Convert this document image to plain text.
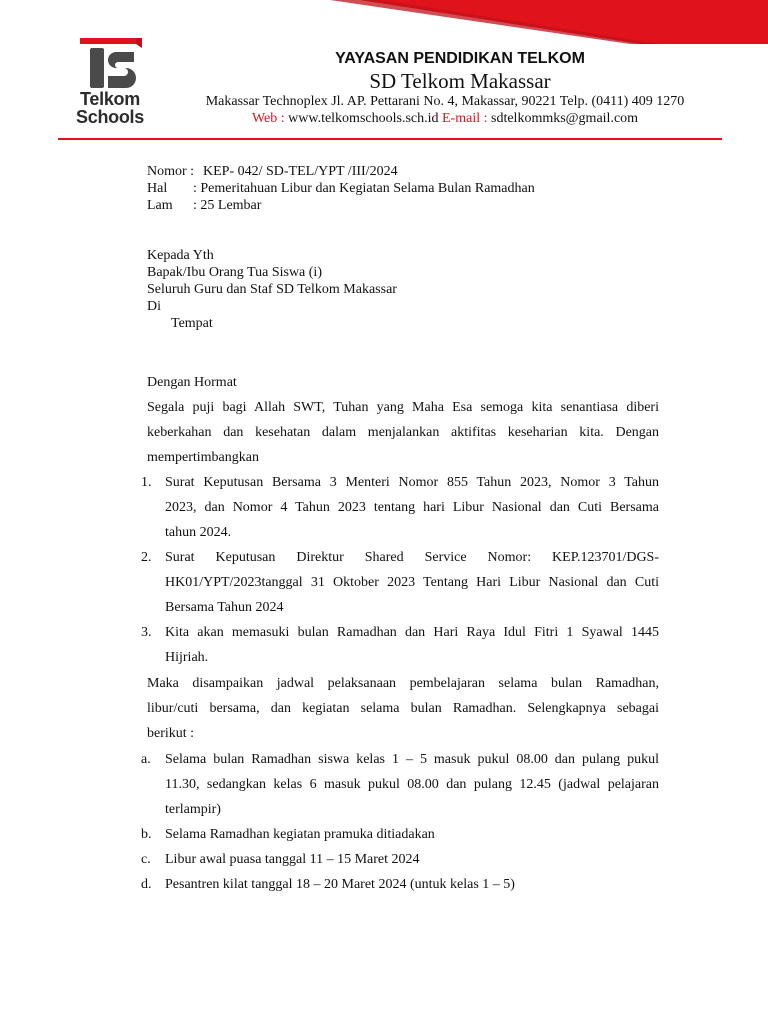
Telkom
Schools
YAYASAN PENDIDIKAN TELKOM
SD Telkom Makassar
Makassar Technoplex Jl. AP. Pettarani No. 4, Makassar, 90221 Telp. (0411) 409 1270
Web : www.telkomschools.sch.id E-mail : sdtelkommks@gmail.com
Nomor : KEP- 042/ SD-TEL/YPT /III/2024
Hal : Pemeritahuan Libur dan Kegiatan Selama Bulan Ramadhan
Lam : 25 Lembar
Kepada Yth
Bapak/Ibu Orang Tua Siswa (i)
Seluruh Guru dan Staf SD Telkom Makassar
Di
Tempat
Dengan Hormat
Segala puji bagi Allah SWT, Tuhan yang Maha Esa semoga kita senantiasa diberi
keberkahan dan kesehatan dalam menjalankan aktifitas keseharian kita. Dengan
mempertimbangkan
1. Surat Keputusan Bersama 3 Menteri Nomor 855 Tahun 2023, Nomor 3 Tahun
2023, dan Nomor 4 Tahun 2023 tentang hari Libur Nasional dan Cuti Bersama
tahun 2024.
2. Surat Keputusan Direktur Shared Service Nomor: KEP.123701/DGS-
HK01/YPT/2023tanggal 31 Oktober 2023 Tentang Hari Libur Nasional dan Cuti
Bersama Tahun 2024
3. Kita akan memasuki bulan Ramadhan dan Hari Raya Idul Fitri 1 Syawal 1445
Hijriah.
Maka disampaikan jadwal pelaksanaan pembelajaran selama bulan Ramadhan,
libur/cuti bersama, dan kegiatan selama bulan Ramadhan. Selengkapnya sebagai
berikut :
a. Selama bulan Ramadhan siswa kelas 1 – 5 masuk pukul 08.00 dan pulang pukul
11.30, sedangkan kelas 6 masuk pukul 08.00 dan pulang 12.45 (jadwal pelajaran
terlampir)
b. Selama Ramadhan kegiatan pramuka ditiadakan
c. Libur awal puasa tanggal 11 – 15 Maret 2024
d. Pesantren kilat tanggal 18 – 20 Maret 2024 (untuk kelas 1 – 5)
